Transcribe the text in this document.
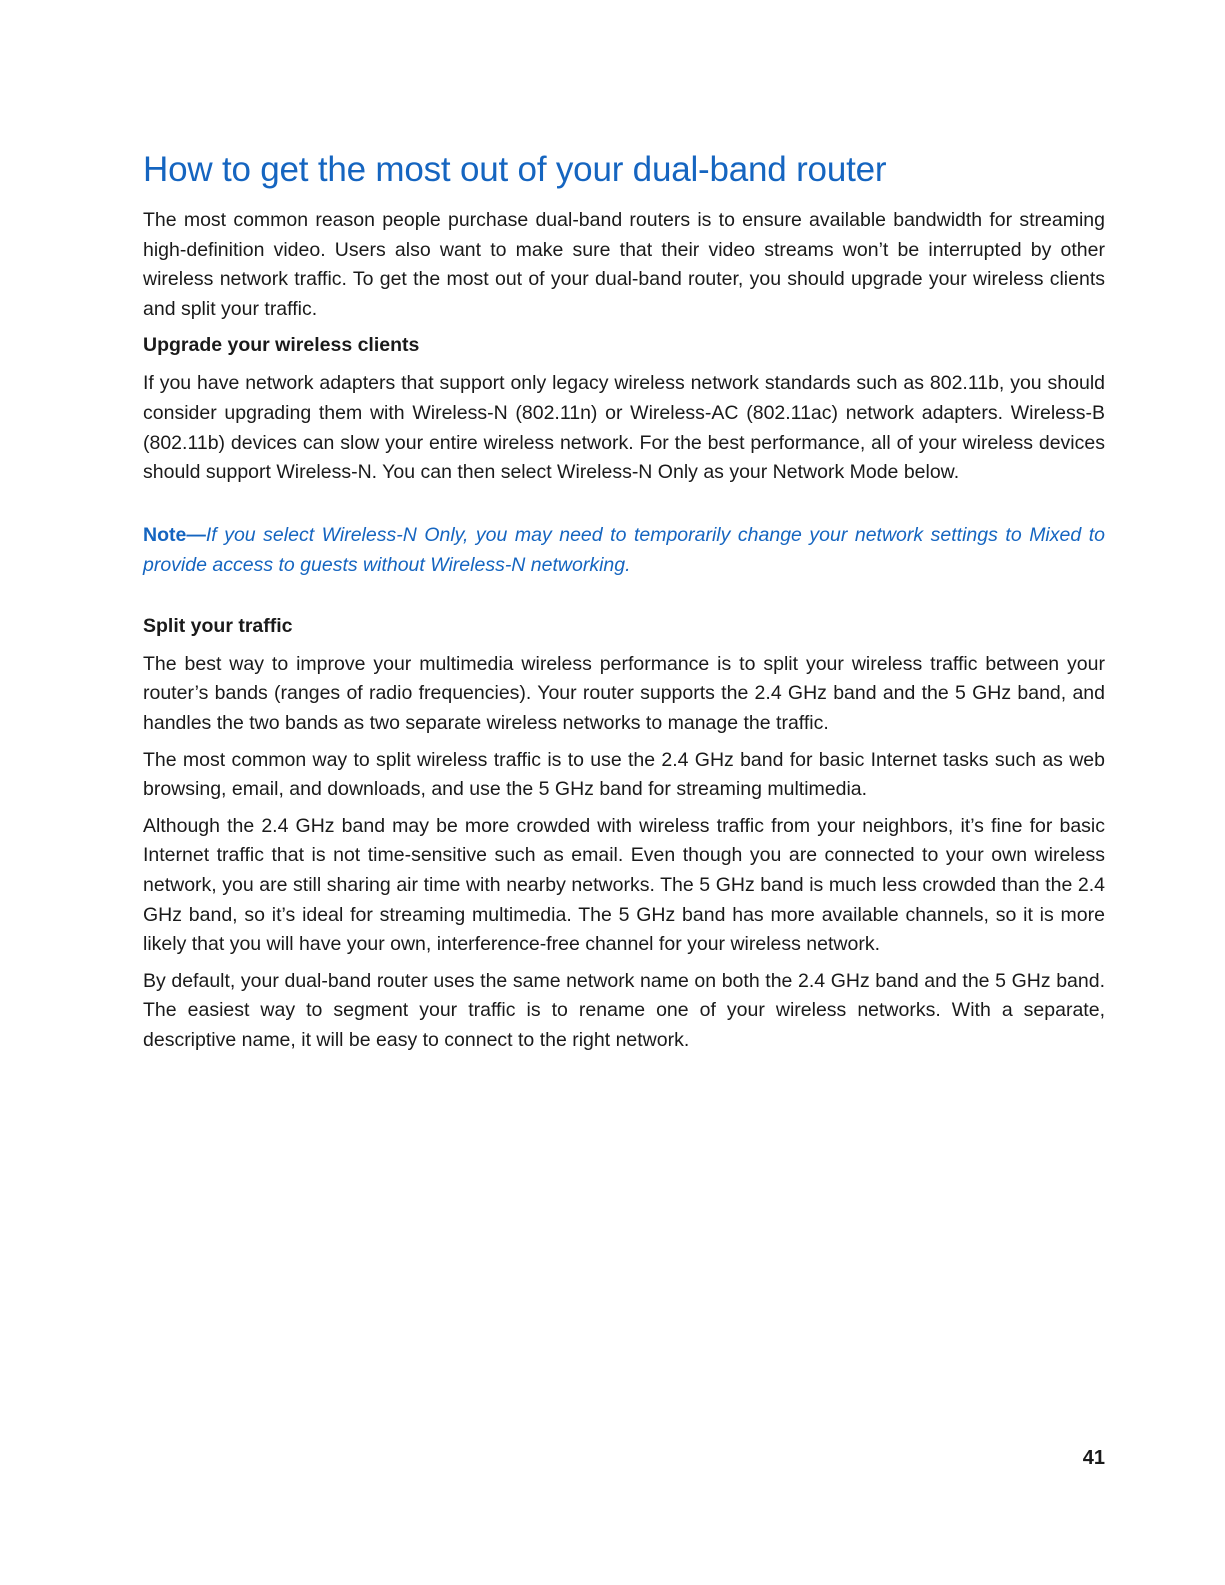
How to get the most out of your dual-band router

The most common reason people purchase dual-band routers is to ensure available bandwidth for streaming high-definition video. Users also want to make sure that their video streams won’t be interrupted by other wireless network traffic. To get the most out of your dual-band router, you should upgrade your wireless clients and split your traffic.

Upgrade your wireless clients

If you have network adapters that support only legacy wireless network standards such as 802.11b, you should consider upgrading them with Wireless-N (802.11n) or Wireless-AC (802.11ac) network adapters. Wireless-B (802.11b) devices can slow your entire wireless network. For the best performance, all of your wireless devices should support Wireless-N. You can then select Wireless-N Only as your Network Mode below.

Note—If you select Wireless-N Only, you may need to temporarily change your network settings to Mixed to provide access to guests without Wireless-N networking.
Split your traffic

The best way to improve your multimedia wireless performance is to split your wireless traffic between your router’s bands (ranges of radio frequencies). Your router supports the 2.4 GHz band and the 5 GHz band, and handles the two bands as two separate wireless networks to manage the traffic.

The most common way to split wireless traffic is to use the 2.4 GHz band for basic Internet tasks such as web browsing, email, and downloads, and use the 5 GHz band for streaming multimedia.

Although the 2.4 GHz band may be more crowded with wireless traffic from your neighbors, it’s fine for basic Internet traffic that is not time-sensitive such as email. Even though you are connected to your own wireless network, you are still sharing air time with nearby networks. The 5 GHz band is much less crowded than the 2.4 GHz band, so it’s ideal for streaming multimedia. The 5 GHz band has more available channels, so it is more likely that you will have your own, interference-free channel for your wireless network.

By default, your dual-band router uses the same network name on both the 2.4 GHz band and the 5 GHz band. The easiest way to segment your traffic is to rename one of your wireless networks. With a separate, descriptive name, it will be easy to connect to the right network.

41
